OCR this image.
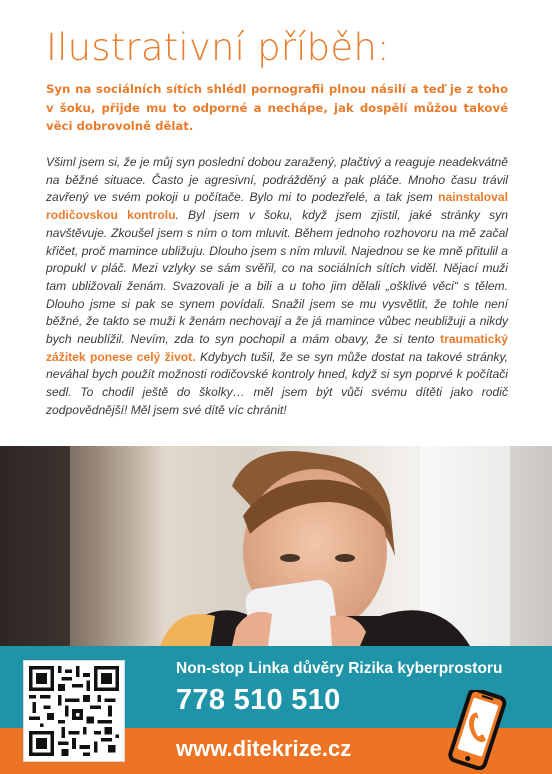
Ilustrativní příběh:

Syn na sociálních sítích shlédl pornografii plnou násilí a teď je z toho v šoku, přijde mu to odporné a nechápe, jak dospělí můžou takové věci dobrovolně dělat.

Všiml jsem si, že je můj syn poslední dobou zaražený, plačtivý a reaguje neadekvátně na běžné situace. Často je agresivní, podrážděný a pak pláče. Mnoho času trávil zavřený ve svém pokoji u počítače. Bylo mi to podezřelé, a tak jsem nainstaloval rodičovskou kontrolu. Byl jsem v šoku, když jsem zjistil, jaké stránky syn navštěvuje. Zkoušel jsem s ním o tom mluvit. Během jednoho rozhovoru na mě začal křičet, proč mamince ubližuju. Dlouho jsem s ním mluvil. Najednou se ke mně přitulil a propukl v pláč. Mezi vzlyky se sám svěřil, co na sociálních sítích viděl. Nějací muži tam ubližovali ženám. Svazovali je a bili a u toho jim dělali „ošklivé věci“ s tělem. Dlouho jsme si pak se synem povídali. Snažil jsem se mu vysvětlit, že tohle není běžné, že takto se muži k ženám nechovají a že já mamince vůbec neubližuji a nikdy bych neublížil. Nevím, zda to syn pochopil a mám obavy, že si tento traumatický zážitek ponese celý život. Kdybych tušil, že se syn může dostat na takové stránky, neváhal bych použít možnosti rodičovské kontroly hned, když si syn poprvé k počítači sedl. To chodil ještě do školky… měl jsem být vůči svému dítěti jako rodič zodpovědnější! Měl jsem své dítě víc chránit!

Non-stop Linka důvěry Rizika kyberprostoru

778 510 510

www.ditekrize.cz
